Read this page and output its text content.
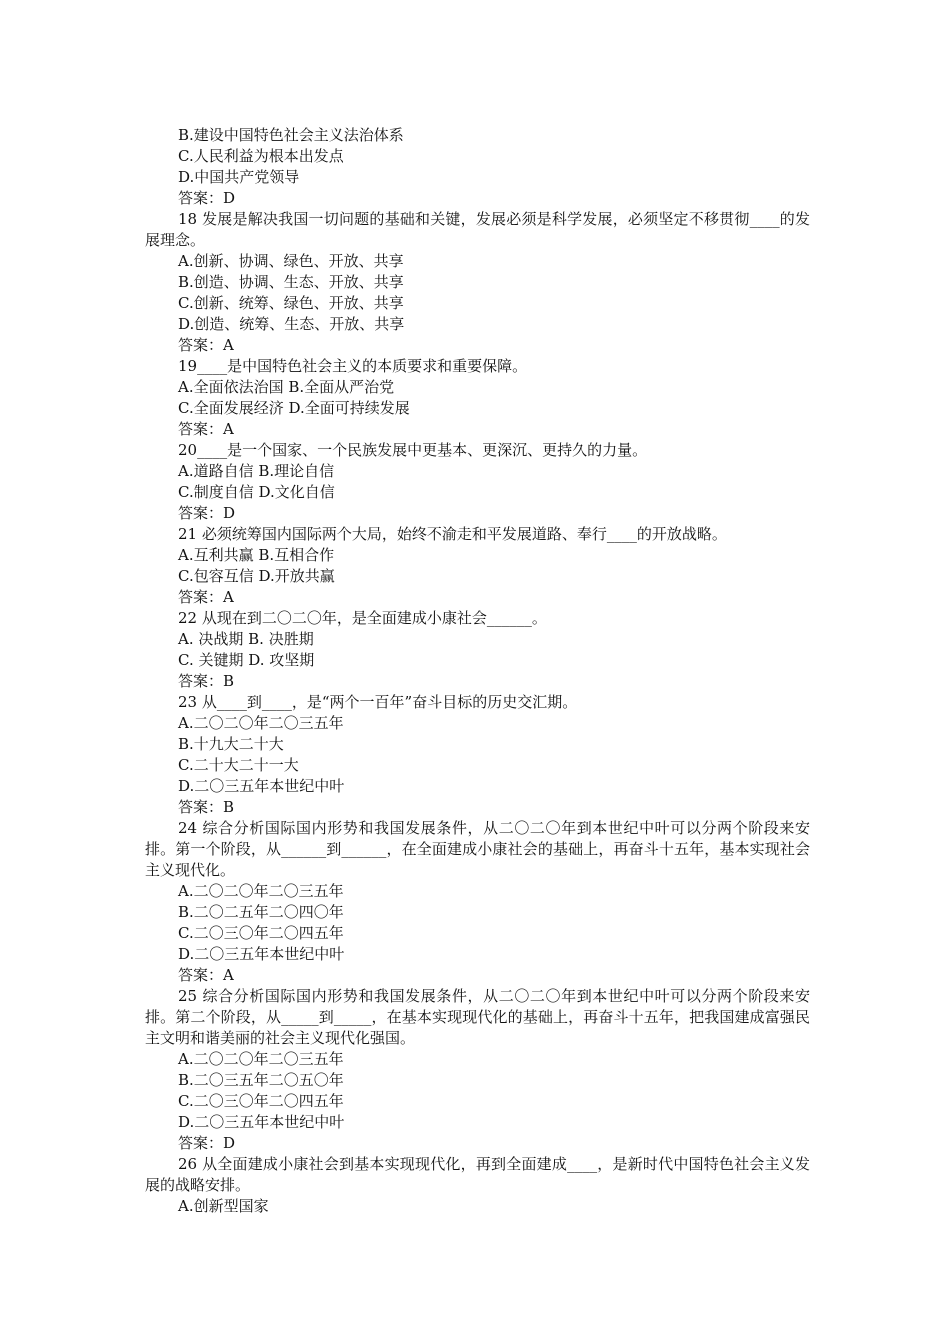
B.建设中国特色社会主义法治体系
C.人民利益为根本出发点
D.中国共产党领导
答案：D
18 发展是解决我国一切问题的基础和关键，发展必须是科学发展，必须坚定不移贯彻____的发展理念。
A.创新、协调、绿色、开放、共享
B.创造、协调、生态、开放、共享
C.创新、统筹、绿色、开放、共享
D.创造、统筹、生态、开放、共享
答案：A
19____是中国特色社会主义的本质要求和重要保障。
A.全面依法治国 B.全面从严治党
C.全面发展经济 D.全面可持续发展
答案：A
20____是一个国家、一个民族发展中更基本、更深沉、更持久的力量。
A.道路自信 B.理论自信
C.制度自信 D.文化自信
答案：D
21 必须统筹国内国际两个大局，始终不渝走和平发展道路、奉行____的开放战略。
A.互利共赢 B.互相合作
C.包容互信 D.开放共赢
答案：A
22 从现在到二〇二〇年，是全面建成小康社会______。
A. 决战期 B. 决胜期
C. 关键期 D. 攻坚期
答案：B
23 从____到____，是“两个一百年”奋斗目标的历史交汇期。
A.二〇二〇年二〇三五年
B.十九大二十大
C.二十大二十一大
D.二〇三五年本世纪中叶
答案：B
24 综合分析国际国内形势和我国发展条件，从二〇二〇年到本世纪中叶可以分两个阶段来安排。第一个阶段，从______到______，在全面建成小康社会的基础上，再奋斗十五年，基本实现社会主义现代化。
A.二〇二〇年二〇三五年
B.二〇二五年二〇四〇年
C.二〇三〇年二〇四五年
D.二〇三五年本世纪中叶
答案：A
25 综合分析国际国内形势和我国发展条件，从二〇二〇年到本世纪中叶可以分两个阶段来安排。第二个阶段，从_____到_____，在基本实现现代化的基础上，再奋斗十五年，把我国建成富强民主文明和谐美丽的社会主义现代化强国。
A.二〇二〇年二〇三五年
B.二〇三五年二〇五〇年
C.二〇三〇年二〇四五年
D.二〇三五年本世纪中叶
答案：D
26 从全面建成小康社会到基本实现现代化，再到全面建成____，是新时代中国特色社会主义发展的战略安排。
A.创新型国家
